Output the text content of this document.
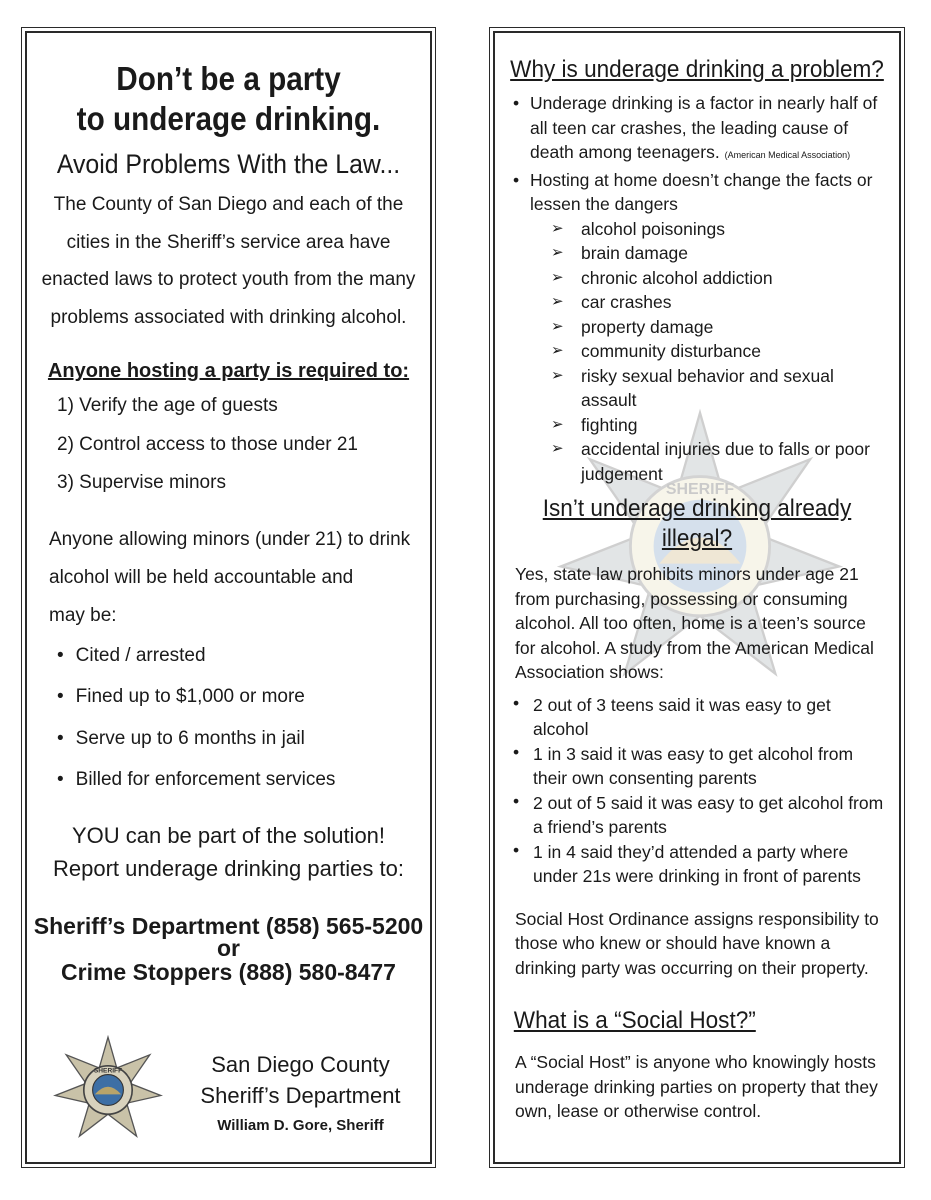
Don’t be a party
to underage drinking.
Avoid Problems With the Law...
The County of San Diego and each of the
cities in the Sheriff’s service area have
enacted laws to protect youth from the many
problems associated with drinking alcohol.
Anyone hosting a party is required to:
1) Verify the age of guests
2) Control access to those under 21
3) Supervise minors
Anyone allowing minors (under 21) to drink
alcohol will be held accountable and
may be:
• Cited / arrested
• Fined up to $1,000 or more
• Serve up to 6 months in jail
• Billed for enforcement services
YOU can be part of the solution!
Report underage drinking parties to:
Sheriff’s Department (858) 565-5200
or
Crime Stoppers (888) 580-8477
SHERIFF	San Diego County
Sheriff’s Department
William D. Gore, Sheriff
SHERIFF
Why is underage drinking a problem?
• Underage drinking is a factor in nearly half of all teen car crashes, the leading cause of death among teenagers. (American Medical Association)
• Hosting at home doesn’t change the facts or lessen the dangers
➢ alcohol poisonings
➢ brain damage
➢ chronic alcohol addiction
➢ car crashes
➢ property damage
➢ community disturbance
➢ risky sexual behavior and sexual assault
➢ fighting
➢ accidental injuries due to falls or poor judgement
Isn’t underage drinking already illegal?
Yes, state law prohibits minors under age 21 from purchasing, possessing or consuming alcohol. All too often, home is a teen’s source for alcohol. A study from the American Medical Association shows:
• 2 out of 3 teens said it was easy to get alcohol
• 1 in 3 said it was easy to get alcohol from their own consenting parents
• 2 out of 5 said it was easy to get alcohol from a friend’s parents
• 1 in 4 said they’d attended a party where under 21s were drinking in front of parents
Social Host Ordinance assigns responsibility to those who knew or should have known a drinking party was occurring on their property.
What is a “Social Host?”
A “Social Host” is anyone who knowingly hosts underage drinking parties on property that they own, lease or otherwise control.
